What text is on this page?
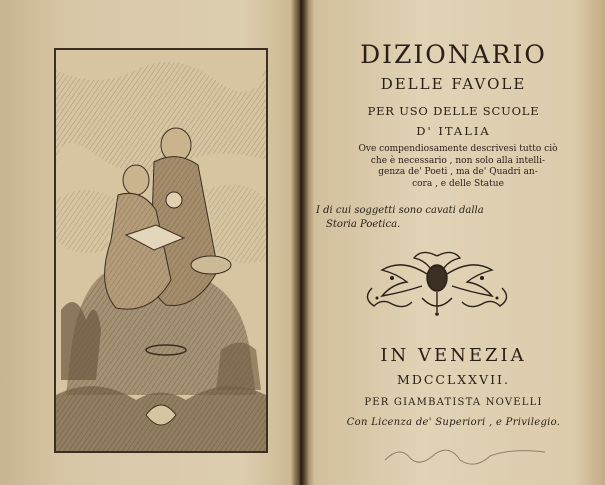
DIZIONARIO
DELLE FAVOLE
PER USO DELLE SCUOLE
D' ITALIA
Ove compendiosamente descrivesi tutto ciò
che è necessario , non solo alla intelli-
genza de' Poeti , ma de' Quadri an-
cora , e delle Statue
I di cui soggetti sono cavati dalla
Storia Poetica.
IN VENEZIA
MDCCLXXVII.
PER GIAMBATISTA NOVELLI
Con Licenza de' Superiori , e Privilegio.
